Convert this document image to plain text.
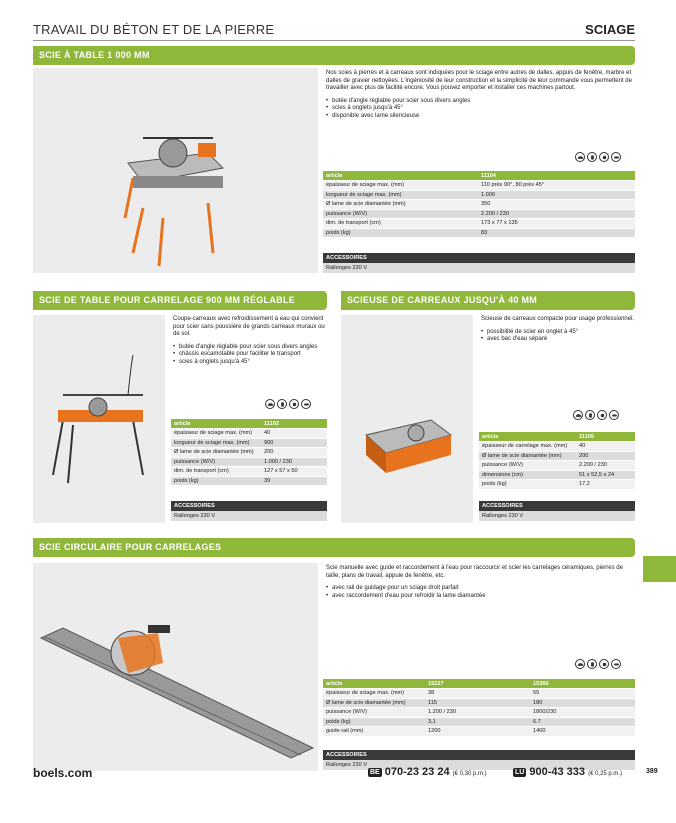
TRAVAIL DU BÉTON ET DE LA PIERRE	SCIAGE
SCIE À TABLE 1 000 MM

Nos scies à pierres et à carreaux sont indiquées pour le sciage entre autres de dalles, appuis de fenêtre, marbre et dalles de gravier nettoyées. L'ingéniosité de leur construction et la simplicité de leur commande vous permettent de travailler avec plus de facilité encore. Vous pouvez emporter et installer ces machines partout.

• butée d'angle réglable pour scier sous divers angles
• scies à onglets jusqu'à 45°
• disponible avec lame silencieuse
article	11104
épaisseur de sciage max. (mm)	110 près 90°, 80 près 45°
longueur de sciage max. (mm)	1.000
Ø lame de scie diamantée (mm)	350
puissance (W/V)	2.200 / 230
dim. de transport (cm)	173 x 77 x 135
poids (kg)	83
ACCESSOIRES
Rallonges 230 V
SCIE DE TABLE POUR CARRELAGE 900 MM RÉGLABLE

Coupe-carreaux avec refroidissement à eau qui convient pour scier sans poussière de grands carreaux muraux ou de sol.

• butée d'angle réglable pour scier sous divers angles
• châssis escamotable pour faciliter le transport
• scies à onglets jusqu'à 45°
article	11102
épaisseur de sciage max. (mm)	40
longueur de sciage max. (mm)	900
Ø lame de scie diamantée (mm)	200
puissance (W/V)	1.000 / 230
dim. de transport (cm)	127 x 57 x 50
poids (kg)	39
ACCESSOIRES
Rallonges 230 V
SCIEUSE DE CARREAUX JUSQU'À 40 MM

Scieuse de carreaux compacte pour usage professionnel.

• possibilité de scier en onglet à 45°
• avec bac d'eau séparé
article	11105
épaisseur de carrelage max. (mm)	40
Ø lame de scie diamantée (mm)	200
puissance (W/V)	2.200 / 230
dimensions (cm)	51 x 52,5 x 24
poids (kg)	17,2
ACCESSOIRES
Rallonges 230 V
SCIE CIRCULAIRE POUR CARRELAGES

Scie manuelle avec guide et raccordement à l'eau pour raccourcir et scier les carrelages céramiques, pierres de taille, plans de travail, appuie de fenêtre, etc.

• avec rail de guidage pour un sciage droit parfait
• avec raccordement d'eau pour refroidir la lame diamantée
article	15227	15360
épaisseur de sciage max. (mm)	38	55
Ø lame de scie diamantée (mm)	115	180
puissance (W/V)	1.200 / 230	1800/230
poids (kg)	3,1	6.7
guide rail (mm)	1200	1400
ACCESSOIRES
Rallonges 230 V
boels.com	BE 070-23 23 24 (€ 0,30 p.m.)	LU 900-43 333 (€ 0,25 p.m.)	389
